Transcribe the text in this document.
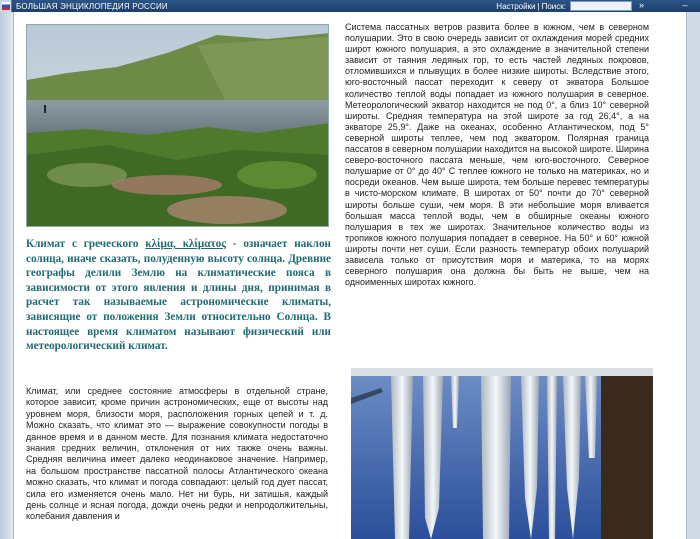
БОЛЬШАЯ ЭНЦИКЛОПЕДИЯ РОССИИ	Настройки | Поиск:	»	–
Климат с греческого κλίμα, κλίματος - означает наклон солнца, иначе сказать, полуденную высоту солнца. Древние географы делили Землю на климатические пояса в зависимости от этого явления и длины дня, принимая в расчет так называемые астрономические климаты, зависящие от положения Земли относительно Солнца. В настоящее время климатом называют физический или метеорологический климат.
Климат, или среднее состояние атмосферы в отдельной стране, которое зависит, кроме причин астрономических, еще от высоты над уровнем моря, близости моря, расположения горных цепей и т. д. Можно сказать, что климат это — выражение совокупности погоды в данное время и в данном месте. Для познания климата недостаточно знания средних величин, отклонения от них также очень важны. Средняя величина имеет далеко неодинаковое значение. Например, на большом пространстве пассатной полосы Атлантического океана можно сказать, что климат и погода совпадают: целый год дует пассат, сила его изменяется очень мало. Нет ни бурь, ни затишья, каждый день солнце и ясная погода, дожди очень редки и непродолжительны, колебания давления и
Система пассатных ветров развита более в южном, чем в северном полушарии. Это в свою очередь зависит от охлаждения морей средних широт южного полушария, а это охлаждение в значительной степени зависит от таяния ледяных гор, то есть частей ледяных покровов, отломившихся и плывущих в более низкие широты. Вследствие этого, юго-восточный пассат переходит к северу от экватора Большое количество теплой воды попадает из южного полушария в северное. Метеорологический экватор находится не под 0°, а близ 10° северной широты. Средняя температура на этой широте за год 26,4°, а на экваторе 25,9°. Даже на океанах, особенно Атлантическом, под 5° северной широты теплее, чем под экватором. Полярная граница пассатов в северном полушарии находится на высокой широте. Ширина северо-восточного пассата меньше, чем юго-восточного. Северное полушарие от 0° до 40° С теплее южного не только на материках, но и посреди океанов. Чем выше широта, тем больше перевес температуры в чисто-морском климате. В широтах от 50° почти до 70° северной широты больше суши, чем моря. В эти небольшие моря вливается большая масса теплой воды, чем в обширные океаны южного полушария в тех же широтах. Значительное количество воды из тропиков южного полушария попадает в северное. На 50° и 60° южной широты почти нет суши. Если разность температур обоих полушарий зависела только от присутствия моря и материка, то на морях северного полушария она должна бы быть не выше, чем на одноименных широтах южного.
